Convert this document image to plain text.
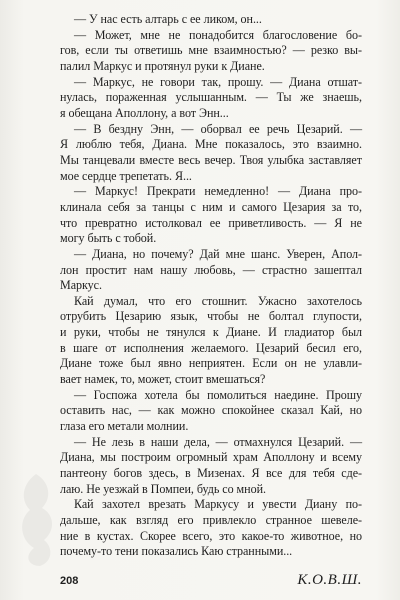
— У нас есть алтарь с ее ликом, он...
— Может, мне не понадобится благословение бо-
гов, если ты ответишь мне взаимностью? — резко вы-
палил Маркус и протянул руки к Диане.
— Маркус, не говори так, прошу. — Диана отшат-
нулась, пораженная услышанным. — Ты же знаешь,
я обещана Аполлону, а вот Энн...
— В бездну Энн, — оборвал ее речь Цезарий. —
Я люблю тебя, Диана. Мне показалось, это взаимно.
Мы танцевали вместе весь вечер. Твоя улыбка заставляет
мое сердце трепетать. Я...
— Маркус! Прекрати немедленно! — Диана про-
клинала себя за танцы с ним и самого Цезария за то,
что превратно истолковал ее приветливость. — Я не
могу быть с тобой.
— Диана, но почему? Дай мне шанс. Уверен, Апол-
лон простит нам нашу любовь, — страстно зашептал
Маркус.
Кай думал, что его стошнит. Ужасно захотелось
отрубить Цезарию язык, чтобы не болтал глупости,
и руки, чтобы не тянулся к Диане. И гладиатор был
в шаге от исполнения желаемого. Цезарий бесил его,
Диане тоже был явно неприятен. Если он не улавли-
вает намек, то, может, стоит вмешаться?
— Госпожа хотела бы помолиться наедине. Прошу
оставить нас, — как можно спокойнее сказал Кай, но
глаза его метали молнии.
— Не лезь в наши дела, — отмахнулся Цезарий. —
Диана, мы построим огромный храм Аполлону и всему
пантеону богов здесь, в Мизенах. Я все для тебя сде-
лаю. Не уезжай в Помпеи, будь со мной.
Кай захотел врезать Маркусу и увести Диану по-
дальше, как взгляд его привлекло странное шевеле-
ние в кустах. Скорее всего, это какое-то животное, но
почему-то тени показались Каю странными...
208	К.О.В.Ш.
